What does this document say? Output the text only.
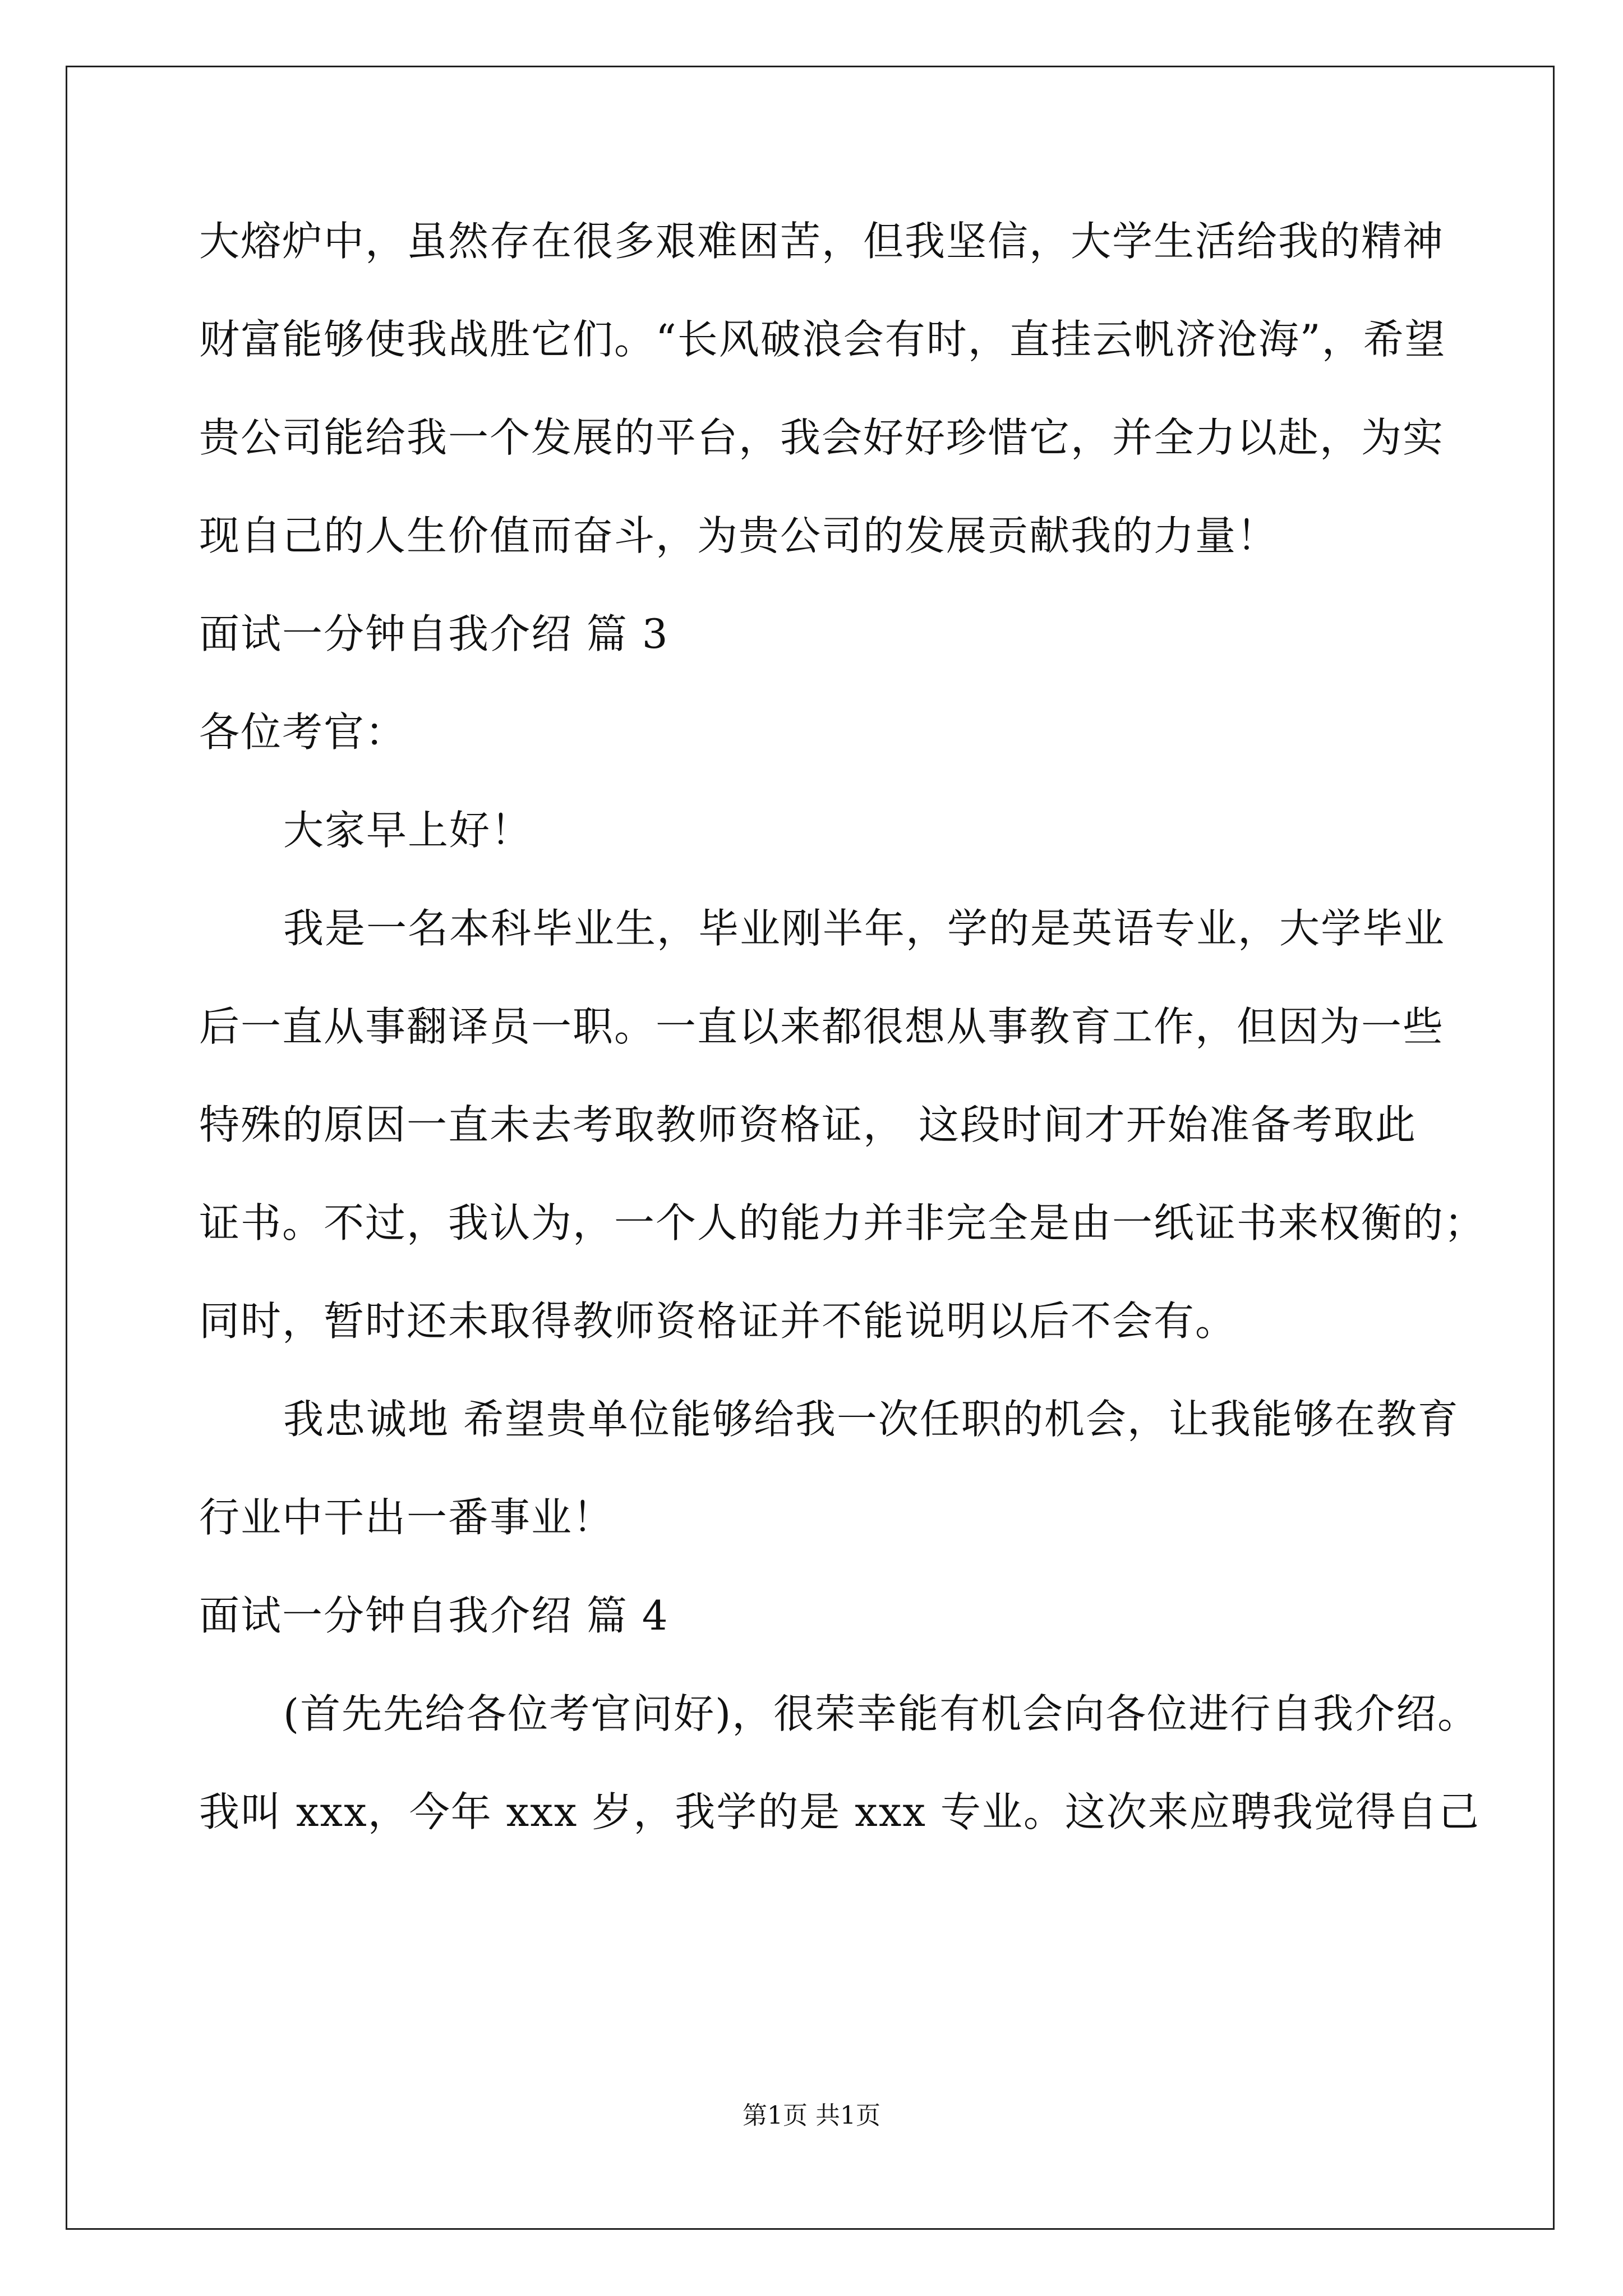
大熔炉中，虽然存在很多艰难困苦，但我坚信，大学生活给我的精神
财富能够使我战胜它们。“长风破浪会有时，直挂云帆济沧海”，希望
贵公司能给我一个发展的平台，我会好好珍惜它，并全力以赴，为实
现自己的人生价值而奋斗，为贵公司的发展贡献我的力量！
面试一分钟自我介绍 篇 3
各位考官：
大家早上好！
我是一名本科毕业生，毕业刚半年，学的是英语专业，大学毕业
后一直从事翻译员一职。一直以来都很想从事教育工作，但因为一些
特殊的原因一直未去考取教师资格证， 这段时间才开始准备考取此
证书。不过，我认为，一个人的能力并非完全是由一纸证书来权衡的；
同时，暂时还未取得教师资格证并不能说明以后不会有。
我忠诚地 希望贵单位能够给我一次任职的机会，让我能够在教育
行业中干出一番事业！
面试一分钟自我介绍 篇 4
(首先先给各位考官问好)，很荣幸能有机会向各位进行自我介绍。
我叫 xxx，今年 xxx 岁，我学的是 xxx 专业。这次来应聘我觉得自己
第1页 共1页
